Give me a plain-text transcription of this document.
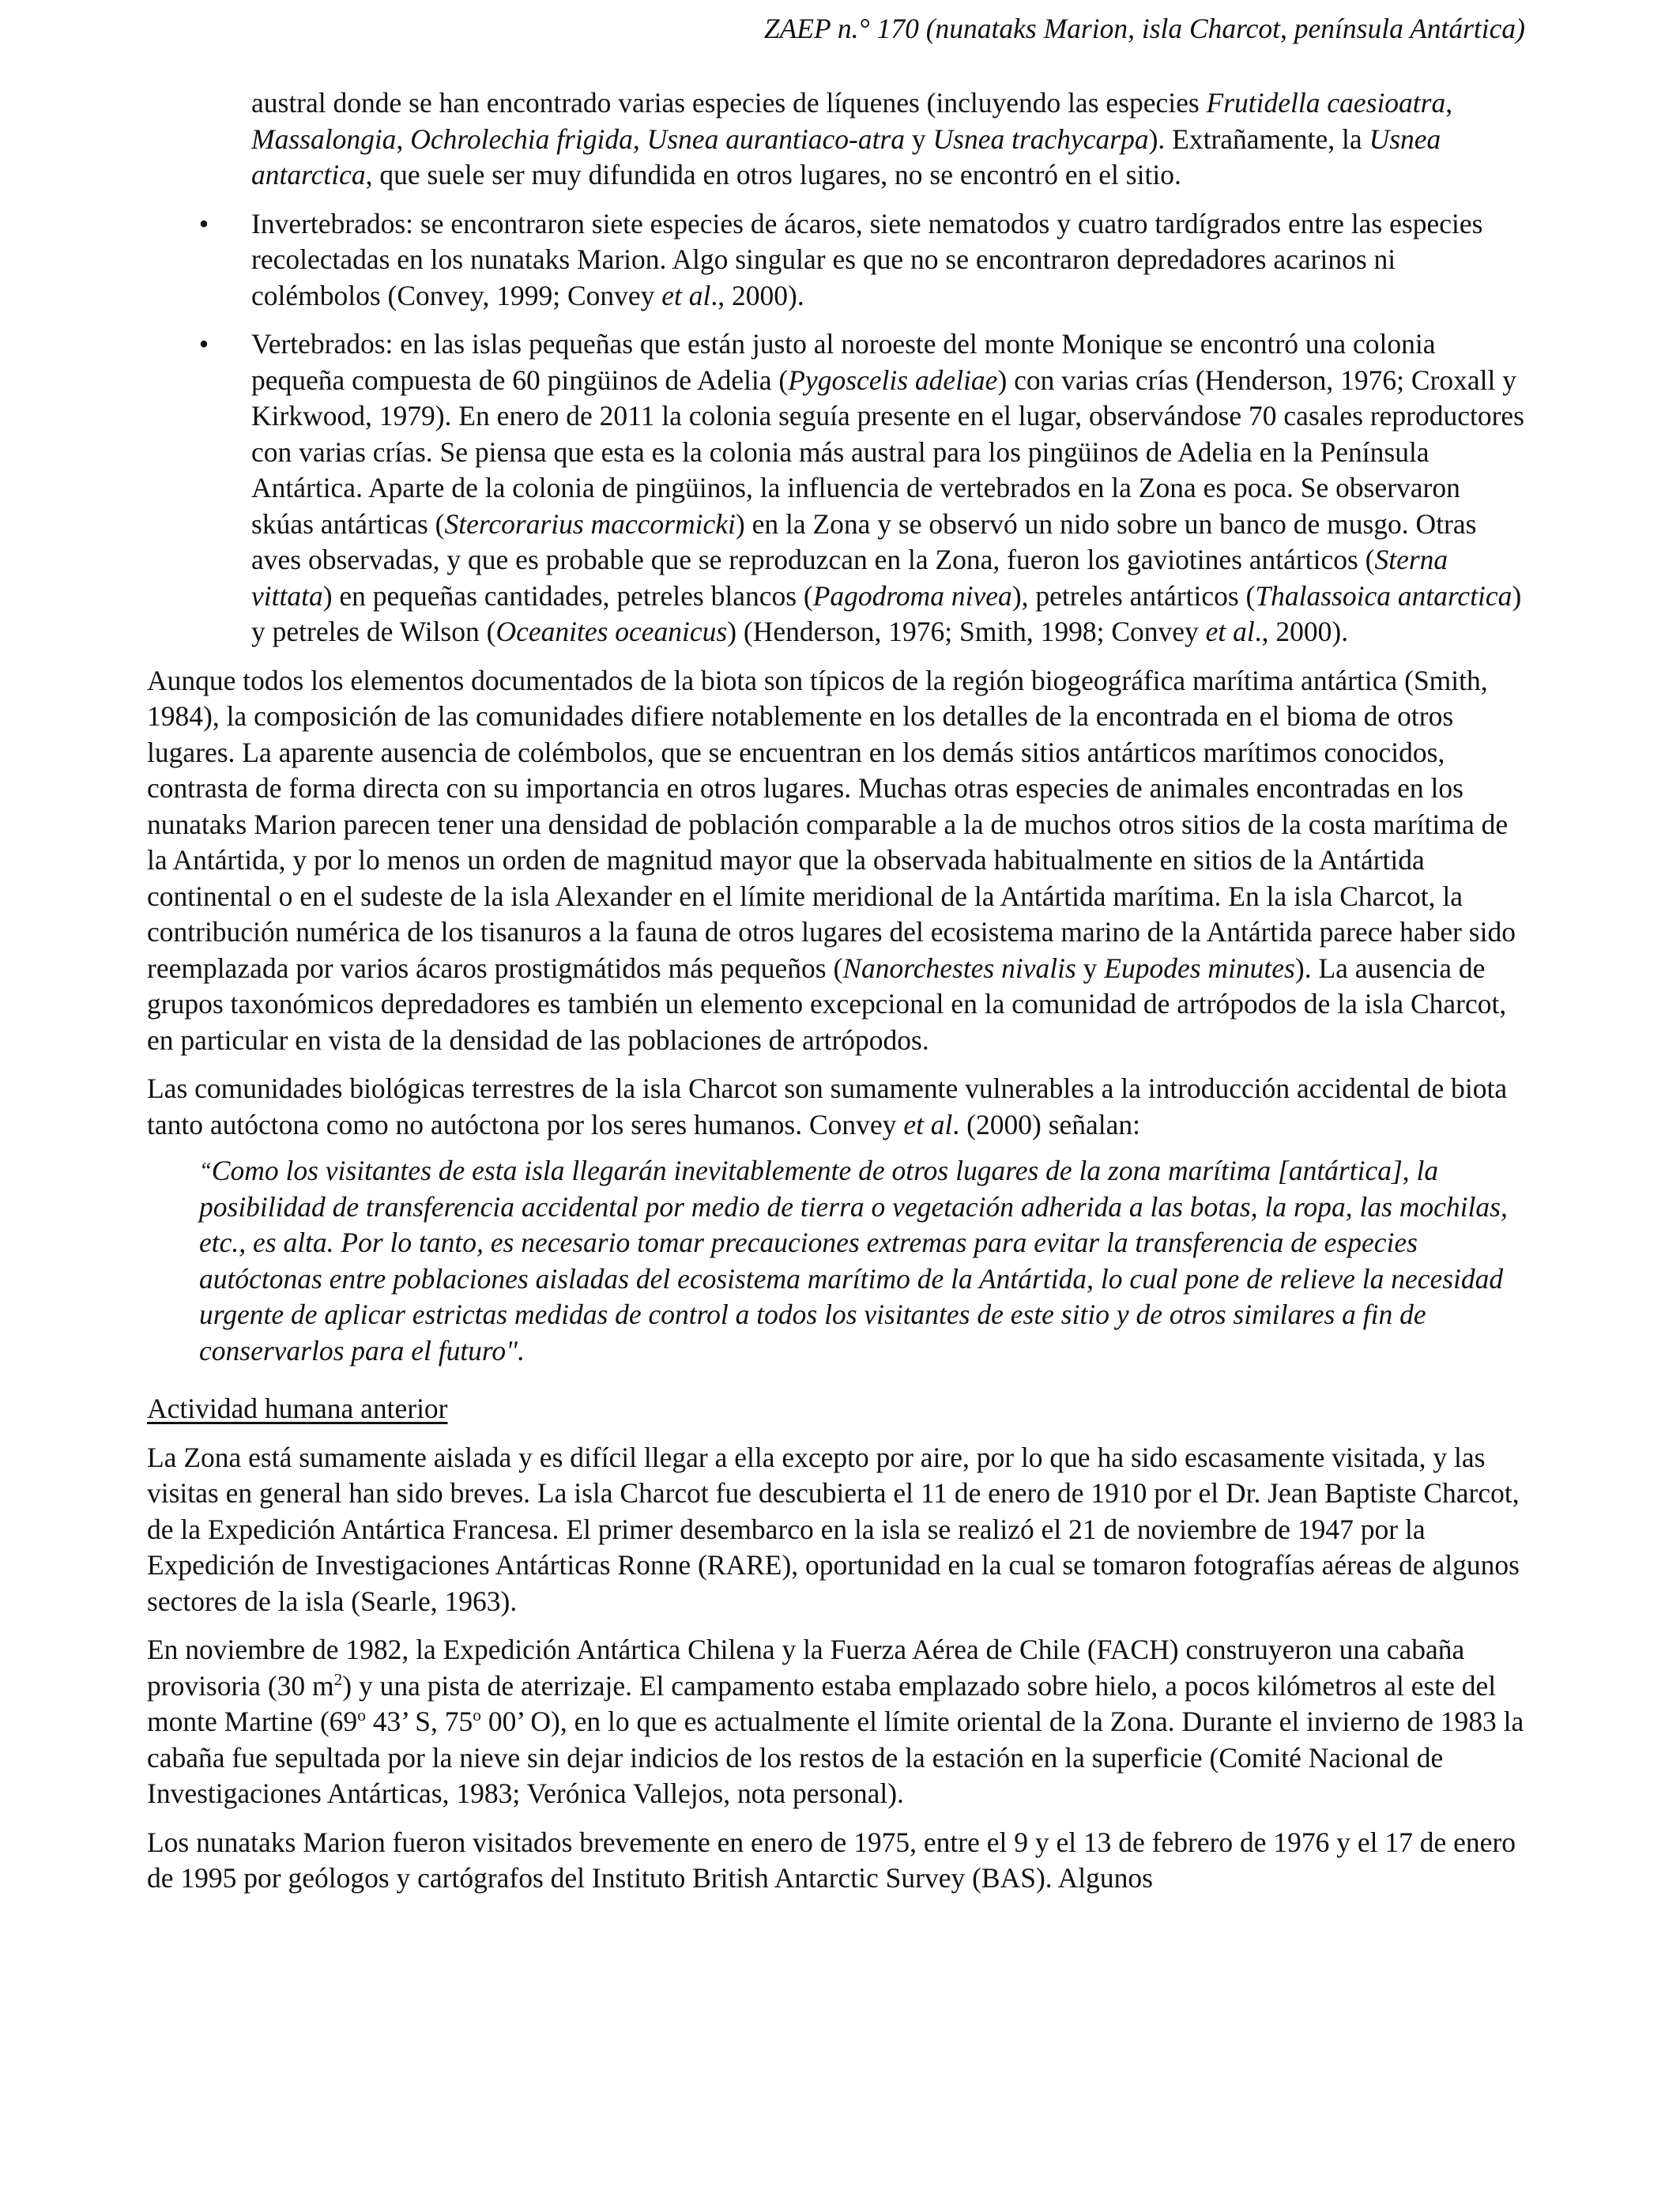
ZAEP n.° 170 (nunataks Marion, isla Charcot, península Antártica)
austral donde se han encontrado varias especies de líquenes (incluyendo las especies Frutidella caesioatra, Massalongia, Ochrolechia frigida, Usnea aurantiaco-atra y Usnea trachycarpa). Extrañamente, la Usnea antarctica, que suele ser muy difundida en otros lugares, no se encontró en el sitio.
• Invertebrados: se encontraron siete especies de ácaros, siete nematodos y cuatro tardígrados entre las especies recolectadas en los nunataks Marion. Algo singular es que no se encontraron depredadores acarinos ni colémbolos (Convey, 1999; Convey et al., 2000).
• Vertebrados: en las islas pequeñas que están justo al noroeste del monte Monique se encontró una colonia pequeña compuesta de 60 pingüinos de Adelia (Pygoscelis adeliae) con varias crías (Henderson, 1976; Croxall y Kirkwood, 1979). En enero de 2011 la colonia seguía presente en el lugar, observándose 70 casales reproductores con varias crías. Se piensa que esta es la colonia más austral para los pingüinos de Adelia en la Península Antártica. Aparte de la colonia de pingüinos, la influencia de vertebrados en la Zona es poca. Se observaron skúas antárticas (Stercorarius maccormicki) en la Zona y se observó un nido sobre un banco de musgo. Otras aves observadas, y que es probable que se reproduzcan en la Zona, fueron los gaviotines antárticos (Sterna vittata) en pequeñas cantidades, petreles blancos (Pagodroma nivea), petreles antárticos (Thalassoica antarctica) y petreles de Wilson (Oceanites oceanicus) (Henderson, 1976; Smith, 1998; Convey et al., 2000).

Aunque todos los elementos documentados de la biota son típicos de la región biogeográfica marítima antártica (Smith, 1984), la composición de las comunidades difiere notablemente en los detalles de la encontrada en el bioma de otros lugares. La aparente ausencia de colémbolos, que se encuentran en los demás sitios antárticos marítimos conocidos, contrasta de forma directa con su importancia en otros lugares. Muchas otras especies de animales encontradas en los nunataks Marion parecen tener una densidad de población comparable a la de muchos otros sitios de la costa marítima de la Antártida, y por lo menos un orden de magnitud mayor que la observada habitualmente en sitios de la Antártida continental o en el sudeste de la isla Alexander en el límite meridional de la Antártida marítima. En la isla Charcot, la contribución numérica de los tisanuros a la fauna de otros lugares del ecosistema marino de la Antártida parece haber sido reemplazada por varios ácaros prostigmátidos más pequeños (Nanorchestes nivalis y Eupodes minutes). La ausencia de grupos taxonómicos depredadores es también un elemento excepcional en la comunidad de artrópodos de la isla Charcot, en particular en vista de la densidad de las poblaciones de artrópodos.

Las comunidades biológicas terrestres de la isla Charcot son sumamente vulnerables a la introducción accidental de biota tanto autóctona como no autóctona por los seres humanos. Convey et al. (2000) señalan:

“Como los visitantes de esta isla llegarán inevitablemente de otros lugares de la zona marítima [antártica], la posibilidad de transferencia accidental por medio de tierra o vegetación adherida a las botas, la ropa, las mochilas, etc., es alta. Por lo tanto, es necesario tomar precauciones extremas para evitar la transferencia de especies autóctonas entre poblaciones aisladas del ecosistema marítimo de la Antártida, lo cual pone de relieve la necesidad urgente de aplicar estrictas medidas de control a todos los visitantes de este sitio y de otros similares a fin de conservarlos para el futuro".

Actividad humana anterior

La Zona está sumamente aislada y es difícil llegar a ella excepto por aire, por lo que ha sido escasamente visitada, y las visitas en general han sido breves. La isla Charcot fue descubierta el 11 de enero de 1910 por el Dr. Jean Baptiste Charcot, de la Expedición Antártica Francesa. El primer desembarco en la isla se realizó el 21 de noviembre de 1947 por la Expedición de Investigaciones Antárticas Ronne (RARE), oportunidad en la cual se tomaron fotografías aéreas de algunos sectores de la isla (Searle, 1963).

En noviembre de 1982, la Expedición Antártica Chilena y la Fuerza Aérea de Chile (FACH) construyeron una cabaña provisoria (30 $m^2$) y una pista de aterrizaje. El campamento estaba emplazado sobre hielo, a pocos kilómetros al este del monte Martine (69$^o$ 43’ S, 75$^o$ 00’ O), en lo que es actualmente el límite oriental de la Zona. Durante el invierno de 1983 la cabaña fue sepultada por la nieve sin dejar indicios de los restos de la estación en la superficie (Comité Nacional de Investigaciones Antárticas, 1983; Verónica Vallejos, nota personal).

Los nunataks Marion fueron visitados brevemente en enero de 1975, entre el 9 y el 13 de febrero de 1976 y el 17 de enero de 1995 por geólogos y cartógrafos del Instituto British Antarctic Survey (BAS). Algunos
